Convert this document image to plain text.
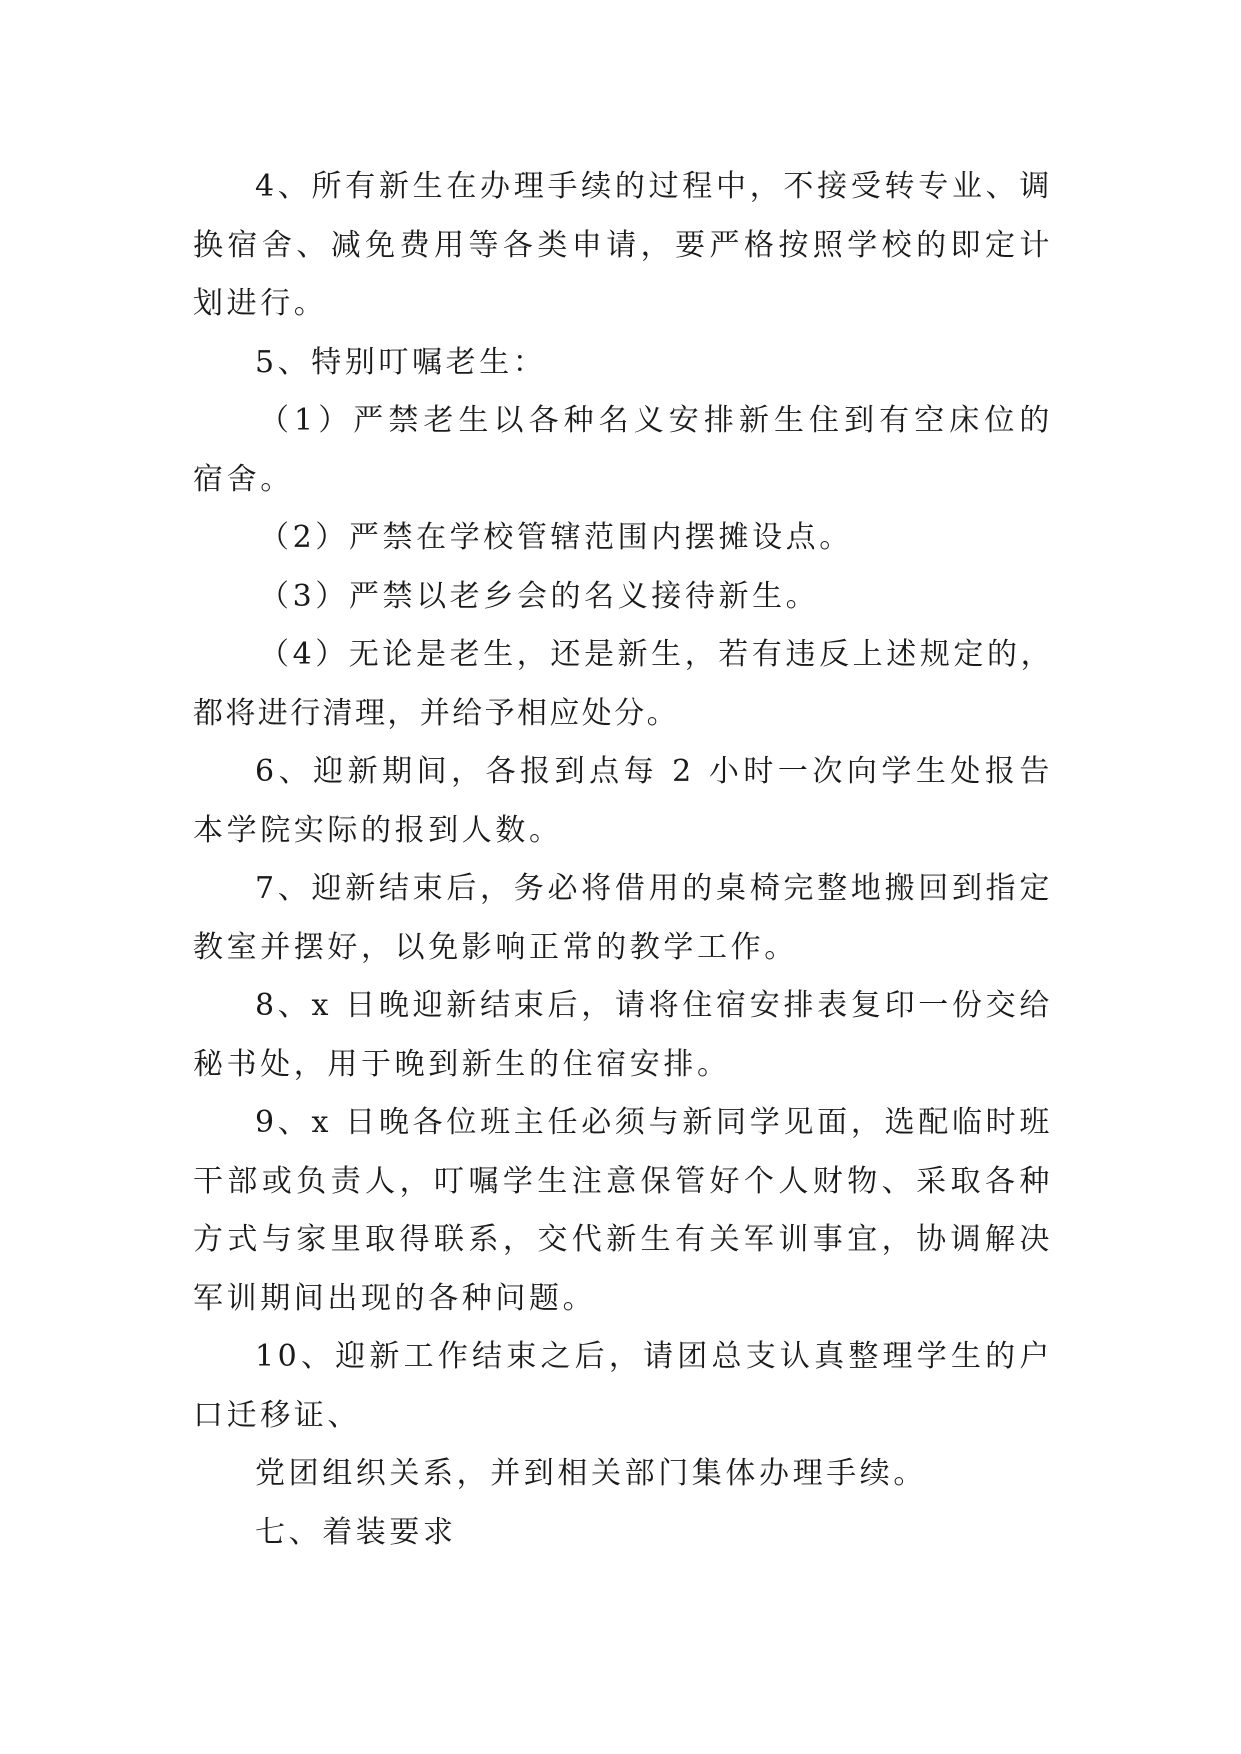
4、所有新生在办理手续的过程中，不接受转专业、调换宿舍、减免费用等各类申请，要严格按照学校的即定计划进行。

5、特别叮嘱老生：

（1）严禁老生以各种名义安排新生住到有空床位的宿舍。

（2）严禁在学校管辖范围内摆摊设点。

（3）严禁以老乡会的名义接待新生。

（4）无论是老生，还是新生，若有违反上述规定的，都将进行清理，并给予相应处分。

6、迎新期间，各报到点每 2 小时一次向学生处报告本学院实际的报到人数。

7、迎新结束后，务必将借用的桌椅完整地搬回到指定教室并摆好，以免影响正常的教学工作。

8、x 日晚迎新结束后，请将住宿安排表复印一份交给秘书处，用于晚到新生的住宿安排。

9、x 日晚各位班主任必须与新同学见面，选配临时班干部或负责人，叮嘱学生注意保管好个人财物、采取各种方式与家里取得联系，交代新生有关军训事宜，协调解决军训期间出现的各种问题。

10、迎新工作结束之后，请团总支认真整理学生的户口迁移证、

党团组织关系，并到相关部门集体办理手续。

七、着装要求
